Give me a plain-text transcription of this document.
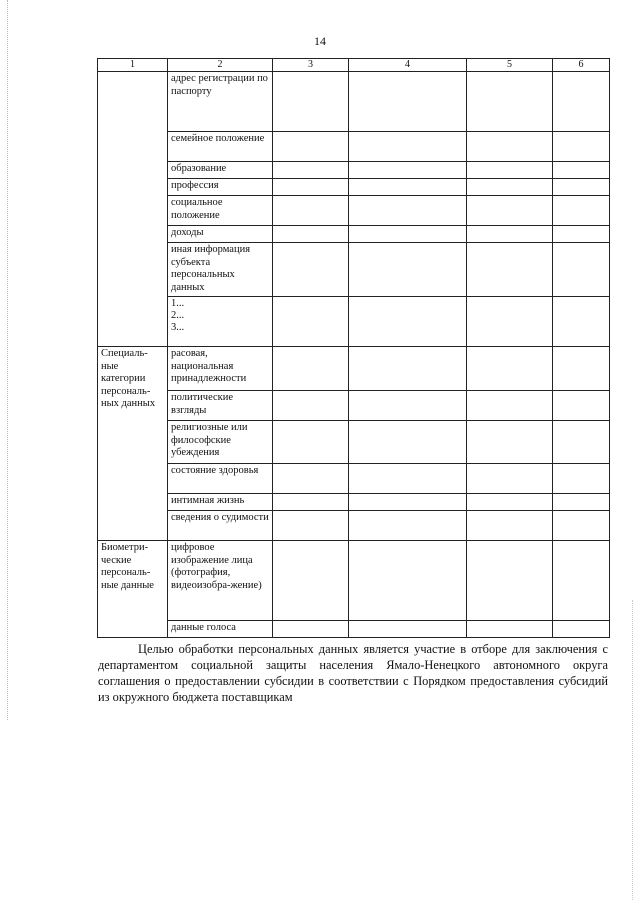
14
1	2	3	4	5	6
	адрес регистрации по паспорту				
	семейное положение				
	образование				
	профессия				
	социальное положение				
	доходы				
	иная информация субъекта персональных данных				

	1...
2...
3...				

Специаль-ные категории персональ-ных данных	расовая, национальная принадлежности				
	политические взгляды				
	религиозные или философские убеждения				
	состояние здоровья				
	интимная жизнь				
	сведения о судимости				
Биометри-ческие персональ-ные данные	цифровое изображение лица (фотография, видеоизобра-жение)				
	данные голоса				
Целью обработки персональных данных является участие в отборе для заключения с департаментом социальной защиты населения Ямало-Ненецкого автономного округа соглашения о предоставлении субсидии в соответствии с Порядком предоставления субсидий из окружного бюджета поставщикам
